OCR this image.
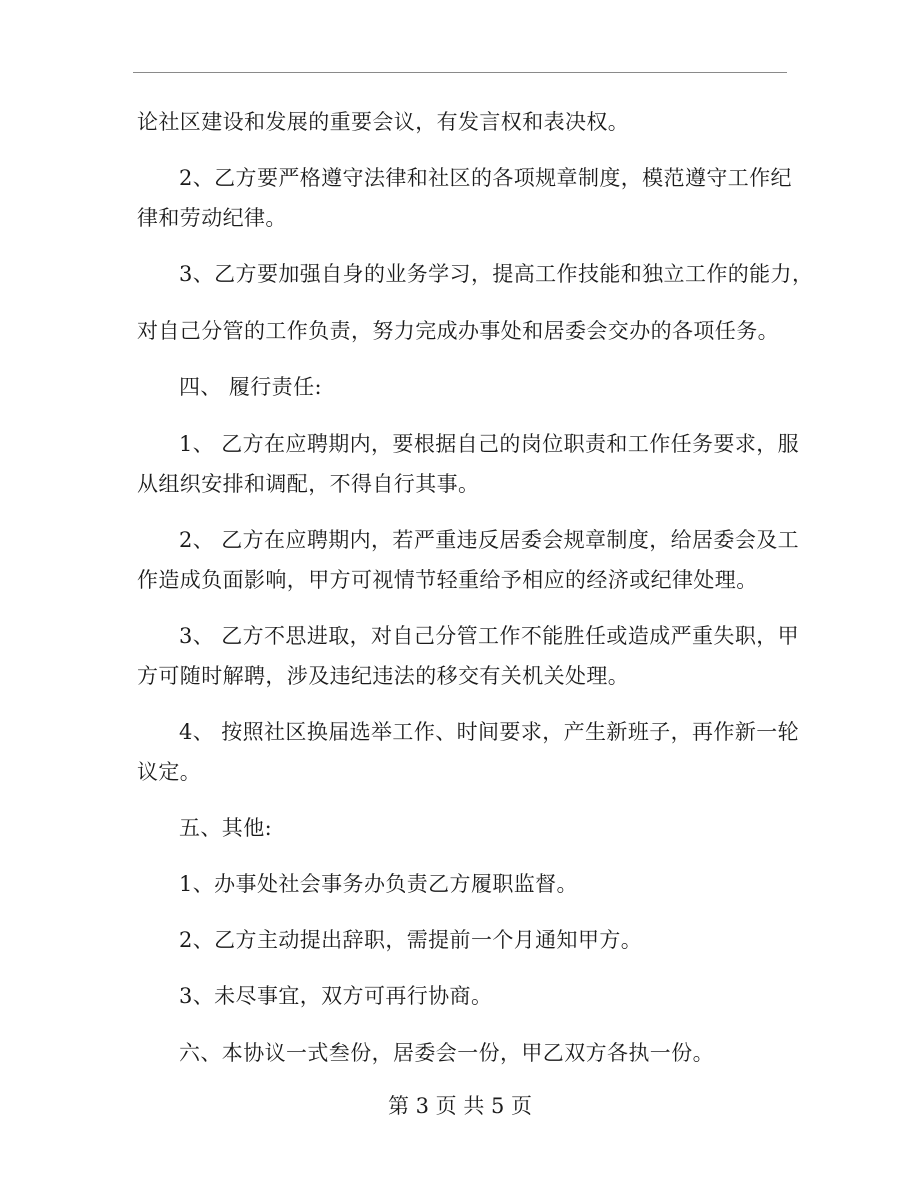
论社区建设和发展的重要会议，有发言权和表决权。
2、乙方要严格遵守法律和社区的各项规章制度，模范遵守工作纪
律和劳动纪律。
3、乙方要加强自身的业务学习，提高工作技能和独立工作的能力，
对自己分管的工作负责，努力完成办事处和居委会交办的各项任务。
四、 履行责任:
1、 乙方在应聘期内，要根据自己的岗位职责和工作任务要求，服
从组织安排和调配，不得自行其事。
2、 乙方在应聘期内，若严重违反居委会规章制度，给居委会及工
作造成负面影响，甲方可视情节轻重给予相应的经济或纪律处理。
3、 乙方不思进取，对自己分管工作不能胜任或造成严重失职，甲
方可随时解聘，涉及违纪违法的移交有关机关处理。
4、 按照社区换届选举工作、时间要求，产生新班子，再作新一轮
议定。
五、其他:
1、办事处社会事务办负责乙方履职监督。
2、乙方主动提出辞职，需提前一个月通知甲方。
3、未尽事宜，双方可再行协商。
六、本协议一式叁份，居委会一份，甲乙双方各执一份。
第 3 页 共 5 页
